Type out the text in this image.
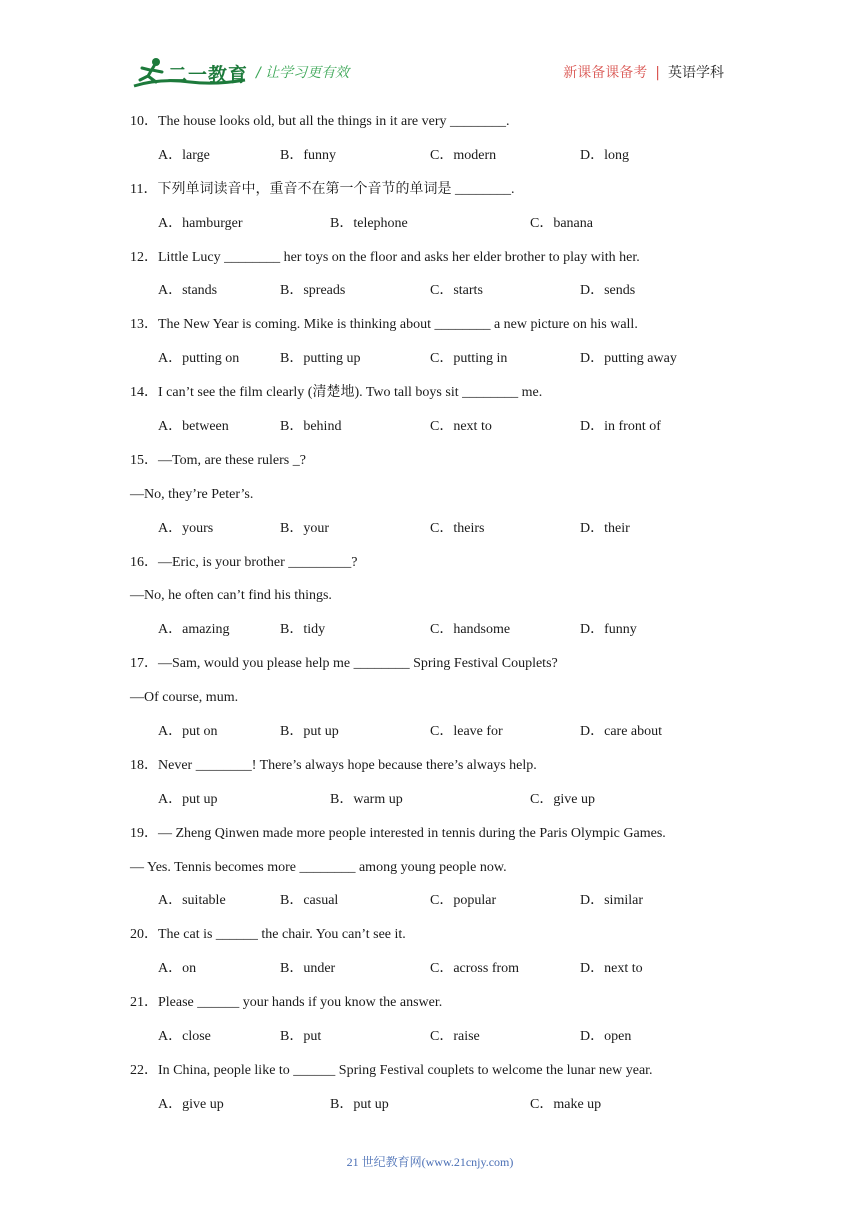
二一教育 / 让学习更有效	新课备课备考 | 英语学科
10．The house looks old, but all the things in it are very ________.
A．large	B．funny	C．modern	D．long
11．下列单词读音中，重音不在第一个音节的单词是 ________.
A．hamburger	B．telephone	C．banana
12．Little Lucy ________ her toys on the floor and asks her elder brother to play with her.
A．stands	B．spreads	C．starts	D．sends
13．The New Year is coming. Mike is thinking about ________ a new picture on his wall.
A．putting on	B．putting up	C．putting in	D．putting away
14．I can’t see the film clearly (清楚地). Two tall boys sit ________ me.
A．between	B．behind	C．next to	D．in front of
15．—Tom, are these rulers _?
—No, they’re Peter’s.
A．yours	B．your	C．theirs	D．their
16．—Eric, is your brother _________?
—No, he often can’t find his things.
A．amazing	B．tidy	C．handsome	D．funny
17．—Sam, would you please help me ________ Spring Festival Couplets?
—Of course, mum.
A．put on	B．put up	C．leave for	D．care about
18．Never ________! There’s always hope because there’s always help.
A．put up	B．warm up	C．give up
19．— Zheng Qinwen made more people interested in tennis during the Paris Olympic Games.
— Yes. Tennis becomes more ________ among young people now.
A．suitable	B．casual	C．popular	D．similar
20．The cat is ______ the chair. You can’t see it.
A．on	B．under	C．across from	D．next to
21．Please ______ your hands if you know the answer.
A．close	B．put	C．raise	D．open
22．In China, people like to ______ Spring Festival couplets to welcome the lunar new year.
A．give up	B．put up	C．make up
21 世纪教育网(www.21cnjy.com)
